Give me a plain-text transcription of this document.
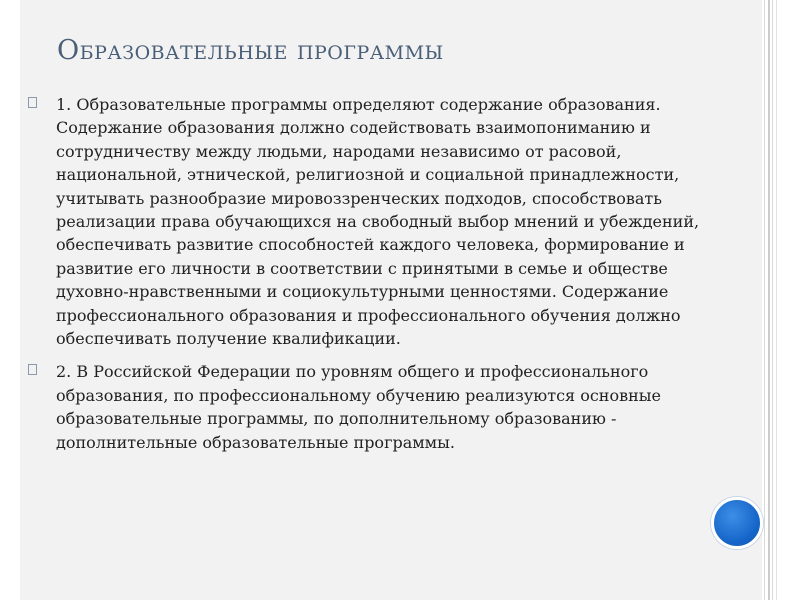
Образовательные программы
1. Образовательные программы определяют содержание образования. Содержание образования должно содействовать взаимопониманию и сотрудничеству между людьми, народами независимо от расовой, национальной, этнической, религиозной и социальной принадлежности, учитывать разнообразие мировоззренческих подходов, способствовать реализации права обучающихся на свободный выбор мнений и убеждений, обеспечивать развитие способностей каждого человека, формирование и развитие его личности в соответствии с принятыми в семье и обществе духовно-нравственными и социокультурными ценностями. Содержание профессионального образования и профессионального обучения должно обеспечивать получение квалификации.
2. В Российской Федерации по уровням общего и профессионального образования, по профессиональному обучению реализуются основные образовательные программы, по дополнительному образованию - дополнительные образовательные программы.
